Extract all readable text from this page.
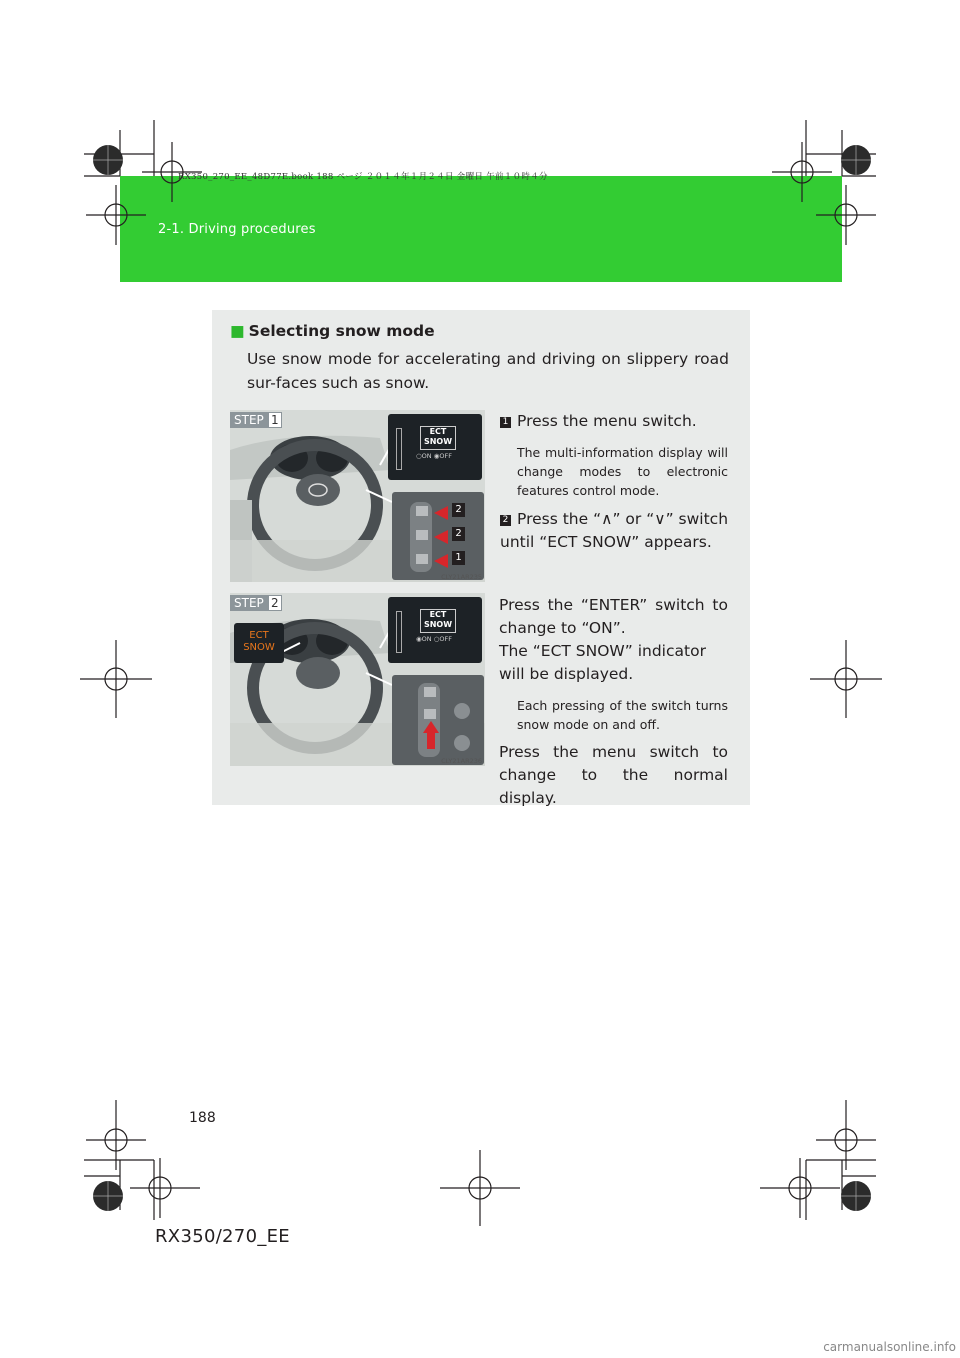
2-1. Driving procedures
RX350_270_EE_48D77E.book 188 ページ ２０１４年１月２４日 金曜日 午前１０時４分
■ Selecting snow mode
Use snow mode for accelerating and driving on slippery road sur-faces such as snow.
ECT
SNOW
○ON ◉OFF
2
2
1
CLY21AR235
STEP 1	1 Press the menu switch.
The multi-information display will change modes to electronic features control mode.
2 Press the “∧” or “∨” switch until “ECT SNOW” appears.
ECT
SNOW
ECT
SNOW
◉ON ○OFF
CLY21AR236
STEP 2	Press the “ENTER” switch to change to “ON”.
The “ECT SNOW” indicator will be displayed.
Each pressing of the switch turns snow mode on and off.
Press the menu switch to change to the normal display.
188
RX350/270_EE
carmanualsonline.info
